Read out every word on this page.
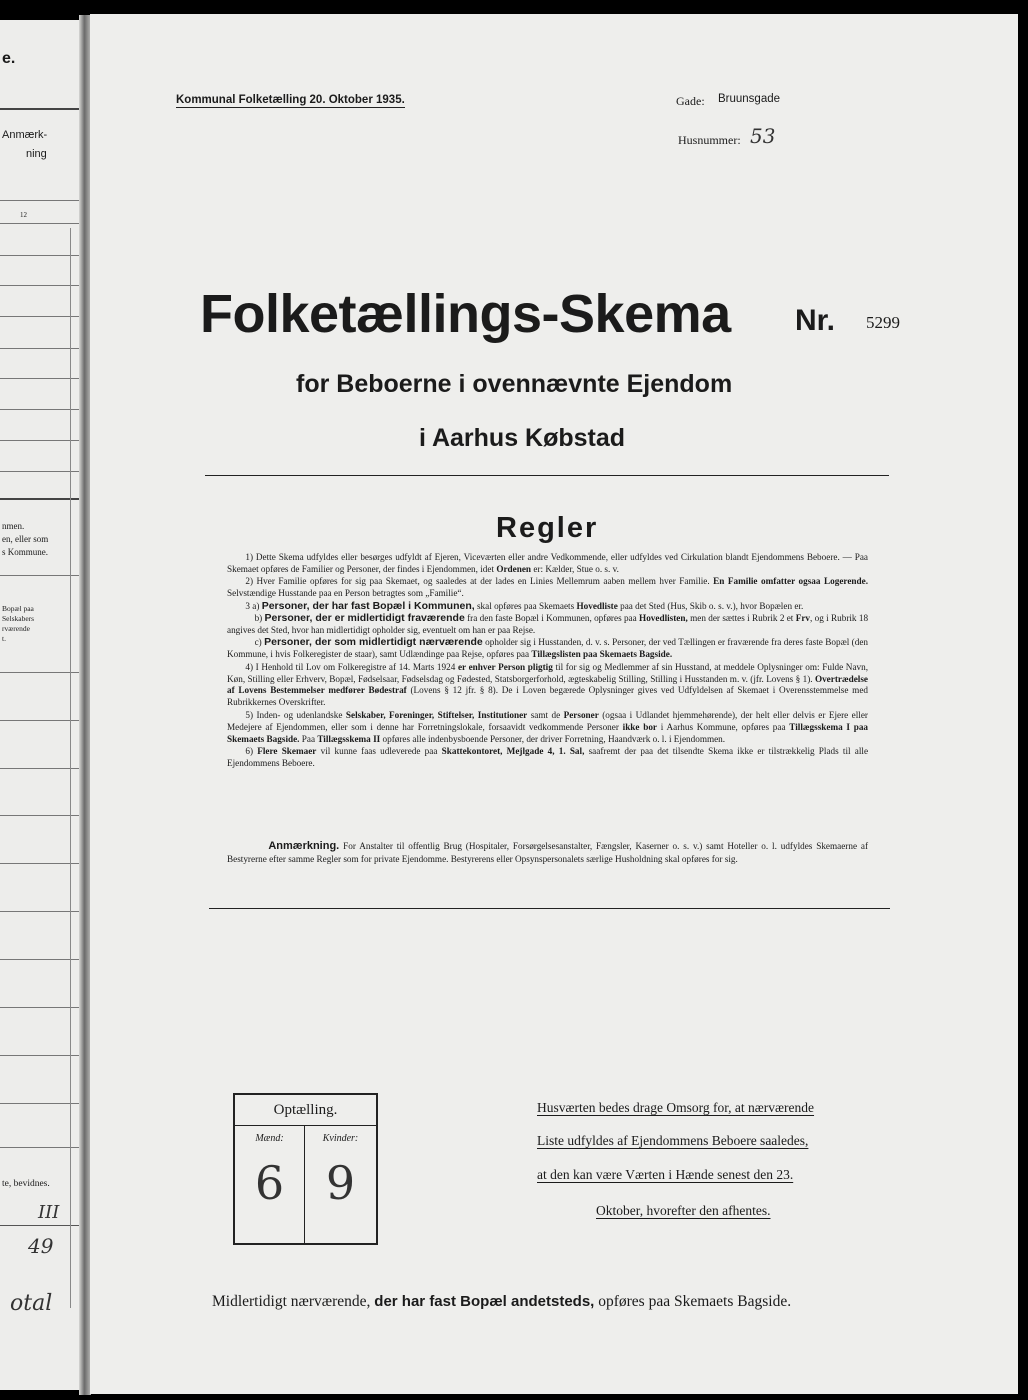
e.
Anmærk-
ning
12
nmen.
en, eller som
s Kommune.
Bopæl paa
Selskabers
rværende
t.
te, bevidnes.
III
49
otal
Kommunal Folketælling 20. Oktober 1935.	Gade: Bruunsgade
Husnummer: 53
Folketællings-Skema Nr. 5299
for Beboerne i ovennævnte Ejendom
i Aarhus Købstad
Regler

  1) Dette Skema udfyldes eller besørges udfyldt af Ejeren, Viceværten eller andre Vedkommende, eller udfyldes ved Cirkulation blandt Ejendommens Beboere. — Paa Skemaet opføres de Familier og Personer, der findes i Ejendommen, idet Ordenen er: Kælder, Stue o. s. v.

  2) Hver Familie opføres for sig paa Skemaet, og saaledes at der lades en Linies Mellemrum aaben mellem hver Familie. En Familie omfatter ogsaa Logerende. Selvstændige Husstande paa en Person betragtes som „Familie“.

  3 a) Personer, der har fast Bopæl i Kommunen, skal opføres paa Skemaets Hovedliste paa det Sted (Hus, Skib o. s. v.), hvor Bopælen er.

   b) Personer, der er midlertidigt fraværende fra den faste Bopæl i Kommunen, opføres paa Hovedlisten, men der sættes i Rubrik 2 et Frv, og i Rubrik 18 angives det Sted, hvor han midlertidigt opholder sig, eventuelt om han er paa Rejse.

   c) Personer, der som midlertidigt nærværende opholder sig i Husstanden, d. v. s. Personer, der ved Tællingen er fraværende fra deres faste Bopæl (den Kommune, i hvis Folkeregister de staar), samt Udlændinge paa Rejse, opføres paa Tillægslisten paa Skemaets Bagside.

  4) I Henhold til Lov om Folkeregistre af 14. Marts 1924 er enhver Person pligtig til for sig og Medlemmer af sin Husstand, at meddele Oplysninger om: Fulde Navn, Køn, Stilling eller Erhverv, Bopæl, Fødselsaar, Fødselsdag og Fødested, Statsborgerforhold, ægteskabelig Stilling, Stilling i Husstanden m. v. (jfr. Lovens § 1). Overtrædelse af Lovens Bestemmelser medfører Bødestraf (Lovens § 12 jfr. § 8). De i Loven begærede Oplysninger gives ved Udfyldelsen af Skemaet i Overensstemmelse med Rubrikkernes Overskrifter.

  5) Inden- og udenlandske Selskaber, Foreninger, Stiftelser, Institutioner samt de Personer (ogsaa i Udlandet hjemmehørende), der helt eller delvis er Ejere eller Medejere af Ejendommen, eller som i denne har Forretningslokale, forsaavidt vedkommende Personer ikke bor i Aarhus Kommune, opføres paa Tillægsskema I paa Skemaets Bagside. Paa Tillægsskema II opføres alle indenbysboende Personer, der driver Forretning, Haandværk o. l. i Ejendommen.

  6) Flere Skemaer vil kunne faas udleverede paa Skattekontoret, Mejlgade 4, 1. Sal, saafremt der paa det tilsendte Skema ikke er tilstrækkelig Plads til alle Ejendommens Beboere.

     Anmærkning. For Anstalter til offentlig Brug (Hospitaler, Forsørgelsesanstalter, Fængsler, Kaserner o. s. v.) samt Hoteller o. l. udfyldes Skemaerne af Bestyrerne efter samme Regler som for private Ejendomme. Bestyrerens eller Opsynspersonalets særlige Husholdning skal opføres for sig.
Optælling.
Mænd:	Kvinder:
6 9
Husværten bedes drage Omsorg for, at nærværende
Liste udfyldes af Ejendommens Beboere saaledes,
at den kan være Værten i Hænde senest den 23.
Oktober, hvorefter den afhentes.
Midlertidigt nærværende, der har fast Bopæl andetsteds, opføres paa Skemaets Bagside.
